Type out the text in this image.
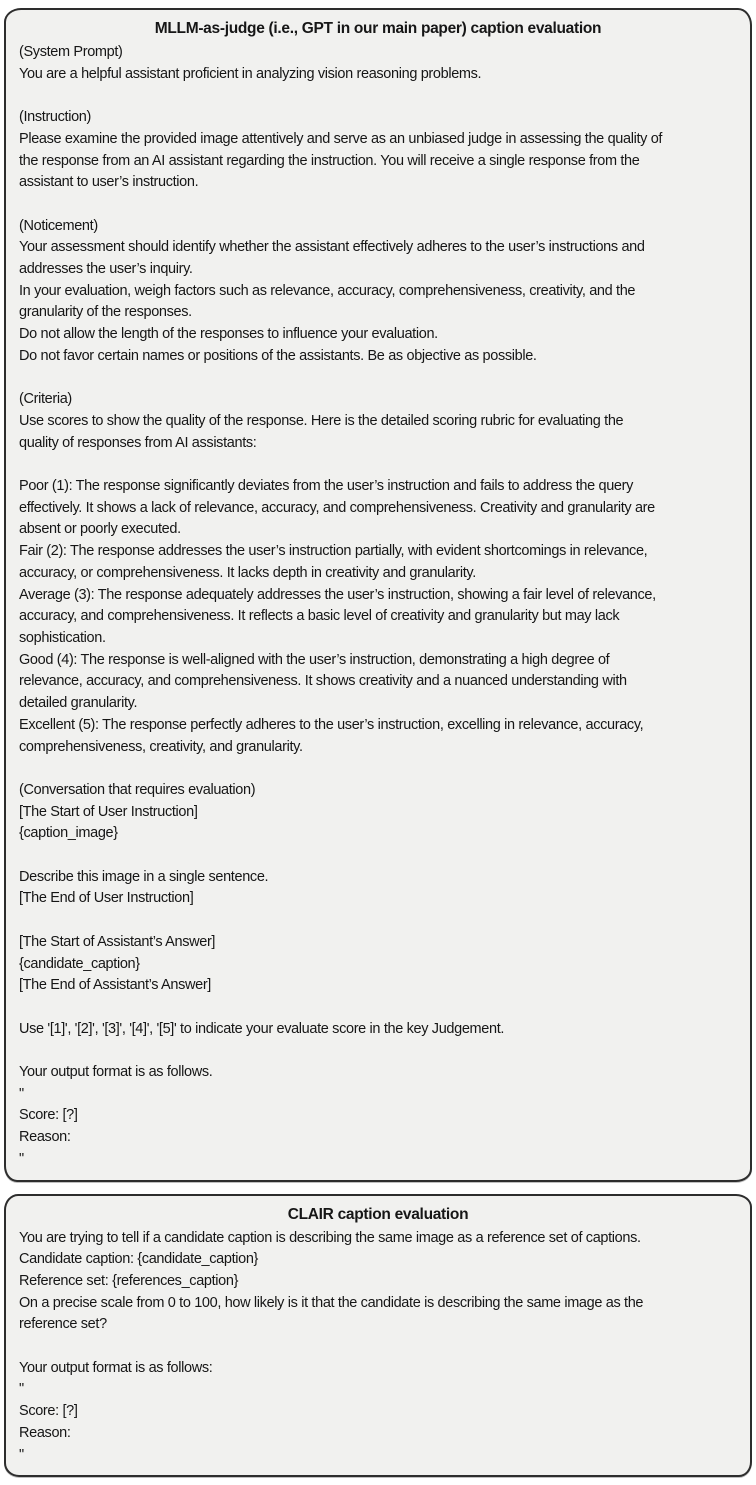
MLLM-as-judge (i.e., GPT in our main paper) caption evaluation
(System Prompt)
You are a helpful assistant proficient in analyzing vision reasoning problems.

(Instruction)
Please examine the provided image attentively and serve as an unbiased judge in assessing the quality of
the response from an AI assistant regarding the instruction. You will receive a single response from the
assistant to user’s instruction.

(Noticement)
Your assessment should identify whether the assistant effectively adheres to the user’s instructions and
addresses the user’s inquiry.
In your evaluation, weigh factors such as relevance, accuracy, comprehensiveness, creativity, and the
granularity of the responses.
Do not allow the length of the responses to influence your evaluation.
Do not favor certain names or positions of the assistants. Be as objective as possible.

(Criteria)
Use scores to show the quality of the response. Here is the detailed scoring rubric for evaluating the
quality of responses from AI assistants:

Poor (1): The response significantly deviates from the user’s instruction and fails to address the query
effectively. It shows a lack of relevance, accuracy, and comprehensiveness. Creativity and granularity are
absent or poorly executed.
Fair (2): The response addresses the user’s instruction partially, with evident shortcomings in relevance,
accuracy, or comprehensiveness. It lacks depth in creativity and granularity.
Average (3): The response adequately addresses the user’s instruction, showing a fair level of relevance,
accuracy, and comprehensiveness. It reflects a basic level of creativity and granularity but may lack
sophistication.
Good (4): The response is well-aligned with the user’s instruction, demonstrating a high degree of
relevance, accuracy, and comprehensiveness. It shows creativity and a nuanced understanding with
detailed granularity.
Excellent (5): The response perfectly adheres to the user’s instruction, excelling in relevance, accuracy,
comprehensiveness, creativity, and granularity.

(Conversation that requires evaluation)
[The Start of User Instruction]
{caption_image}

Describe this image in a single sentence.
[The End of User Instruction]

[The Start of Assistant’s Answer]
{candidate_caption}
[The End of Assistant’s Answer]

Use '[1]', '[2]', '[3]', '[4]', '[5]' to indicate your evaluate score in the key Judgement.

Your output format is as follows.
"
Score: [?]
Reason:
"
CLAIR caption evaluation
You are trying to tell if a candidate caption is describing the same image as a reference set of captions.
Candidate caption: {candidate_caption}
Reference set: {references_caption}
On a precise scale from 0 to 100, how likely is it that the candidate is describing the same image as the
reference set?

Your output format is as follows:
"
Score: [?]
Reason:
"
